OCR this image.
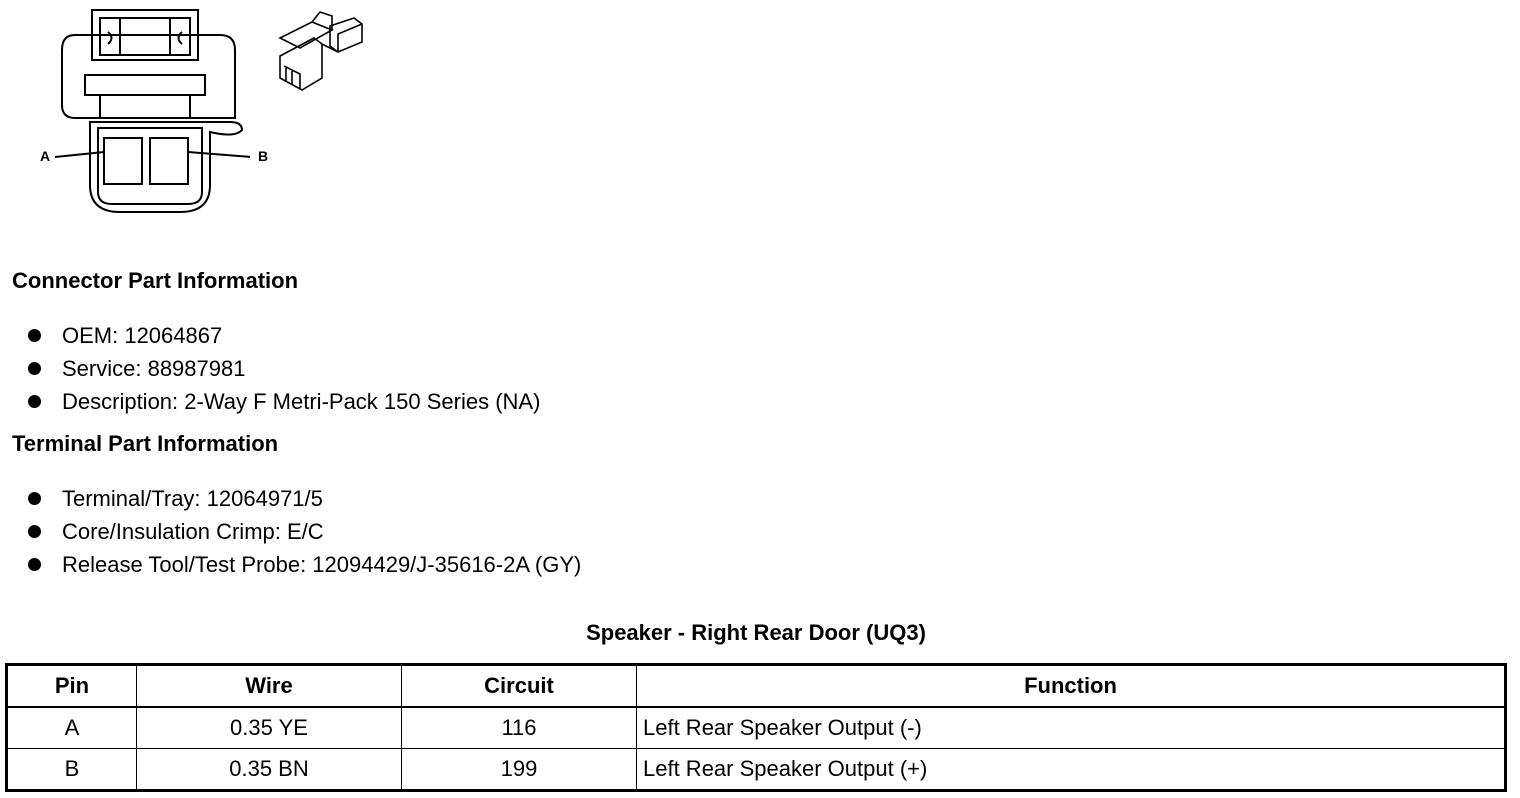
A	B
Connector Part Information
OEM: 12064867
Service: 88987981
Description: 2-Way F Metri-Pack 150 Series (NA)
Terminal Part Information
Terminal/Tray: 12064971/5
Core/Insulation Crimp: E/C
Release Tool/Test Probe: 12094429/J-35616-2A (GY)
Speaker - Right Rear Door (UQ3)
Pin	Wire	Circuit	Function
A	0.35 YE	116	Left Rear Speaker Output (-)
B	0.35 BN	199	Left Rear Speaker Output (+)
